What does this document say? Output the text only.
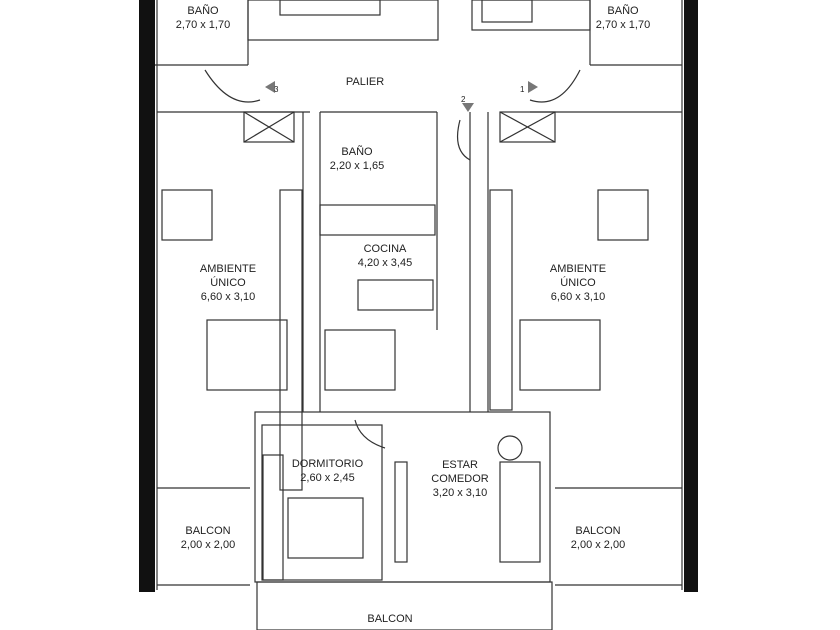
BAÑO
2,70 x 1,70
BAÑO
2,70 x 1,70
PALIER
3
2
1
BAÑO
2,20 x 1,65
COCINA
4,20 x 3,45
AMBIENTE
ÚNICO
6,60 x 3,10
AMBIENTE
ÚNICO
6,60 x 3,10
DORMITORIO
2,60 x 2,45
ESTAR
COMEDOR
3,20 x 3,10
BALCON
2,00 x 2,00
BALCON
2,00 x 2,00
BALCON
